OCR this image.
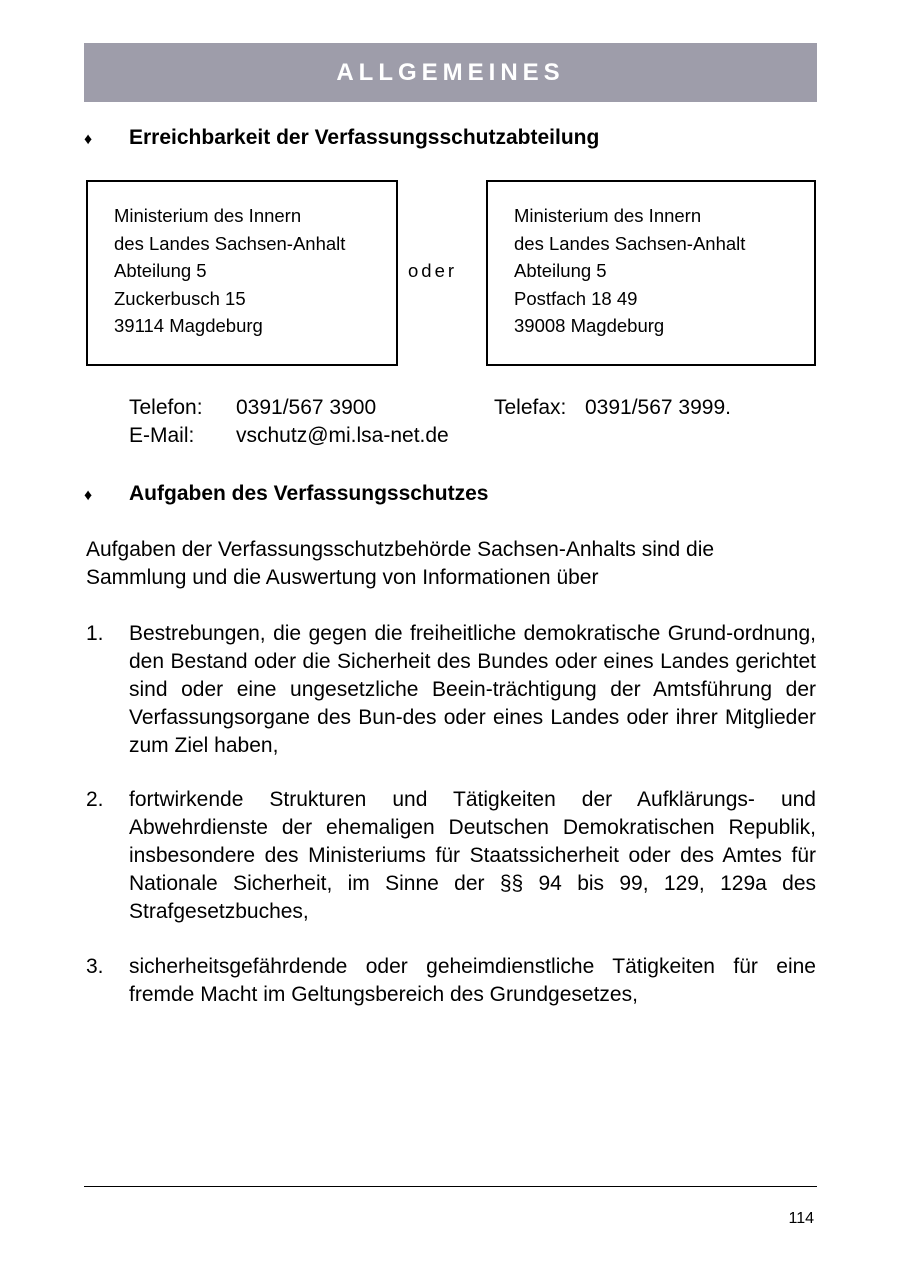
ALLGEMEINES
♦ Erreichbarkeit der Verfassungsschutzabteilung
Ministerium des Innern
des Landes Sachsen-Anhalt
Abteilung 5
Zuckerbusch 15
39114 Magdeburg
oder
Ministerium des Innern
des Landes Sachsen-Anhalt
Abteilung 5
Postfach 18 49
39008 Magdeburg
Telefon: 0391/567 3900	Telefax: 0391/567 3999.
E-Mail: vschutz@mi.lsa-net.de
♦ Aufgaben des Verfassungsschutzes

Aufgaben der Verfassungsschutzbehörde Sachsen-Anhalts sind die Sammlung und die Auswertung von Informationen über

1. Bestrebungen, die gegen die freiheitliche demokratische Grund-ordnung, den Bestand oder die Sicherheit des Bundes oder eines Landes gerichtet sind oder eine ungesetzliche Beein-trächtigung der Amtsführung der Verfassungsorgane des Bun-des oder eines Landes oder ihrer Mitglieder zum Ziel haben,
2. fortwirkende Strukturen und Tätigkeiten der Aufklärungs- und Abwehrdienste der ehemaligen Deutschen Demokratischen Republik, insbesondere des Ministeriums für Staatssicherheit oder des Amtes für Nationale Sicherheit, im Sinne der §§ 94 bis 99, 129, 129a des Strafgesetzbuches,
3. sicherheitsgefährdende oder geheimdienstliche Tätigkeiten für eine fremde Macht im Geltungsbereich des Grundgesetzes,
114
